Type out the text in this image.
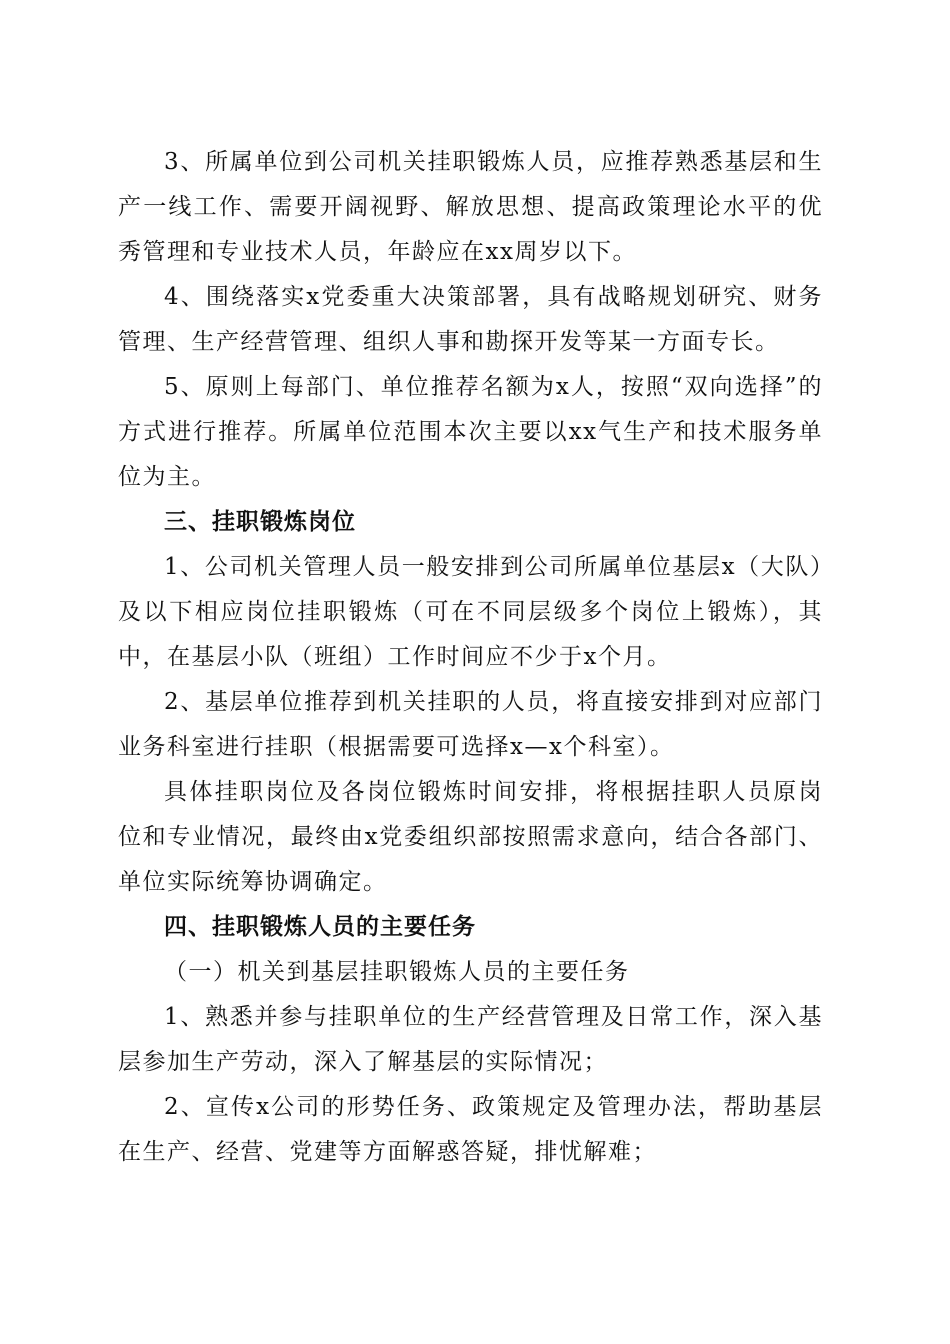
3、所属单位到公司机关挂职锻炼人员，应推荐熟悉基层和生产一线工作、需要开阔视野、解放思想、提高政策理论水平的优秀管理和专业技术人员，年龄应在xx周岁以下。

4、围绕落实x党委重大决策部署，具有战略规划研究、财务管理、生产经营管理、组织人事和勘探开发等某一方面专长。

5、原则上每部门、单位推荐名额为x人，按照“双向选择”的方式进行推荐。所属单位范围本次主要以xx气生产和技术服务单位为主。

三、挂职锻炼岗位

1、公司机关管理人员一般安排到公司所属单位基层x（大队）及以下相应岗位挂职锻炼（可在不同层级多个岗位上锻炼），其中，在基层小队（班组）工作时间应不少于x个月。

2、基层单位推荐到机关挂职的人员，将直接安排到对应部门业务科室进行挂职（根据需要可选择x—x个科室）。

具体挂职岗位及各岗位锻炼时间安排，将根据挂职人员原岗位和专业情况，最终由x党委组织部按照需求意向，结合各部门、单位实际统筹协调确定。

四、挂职锻炼人员的主要任务

（一）机关到基层挂职锻炼人员的主要任务

1、熟悉并参与挂职单位的生产经营管理及日常工作，深入基层参加生产劳动，深入了解基层的实际情况；

2、宣传x公司的形势任务、政策规定及管理办法，帮助基层在生产、经营、党建等方面解惑答疑，排忧解难；
